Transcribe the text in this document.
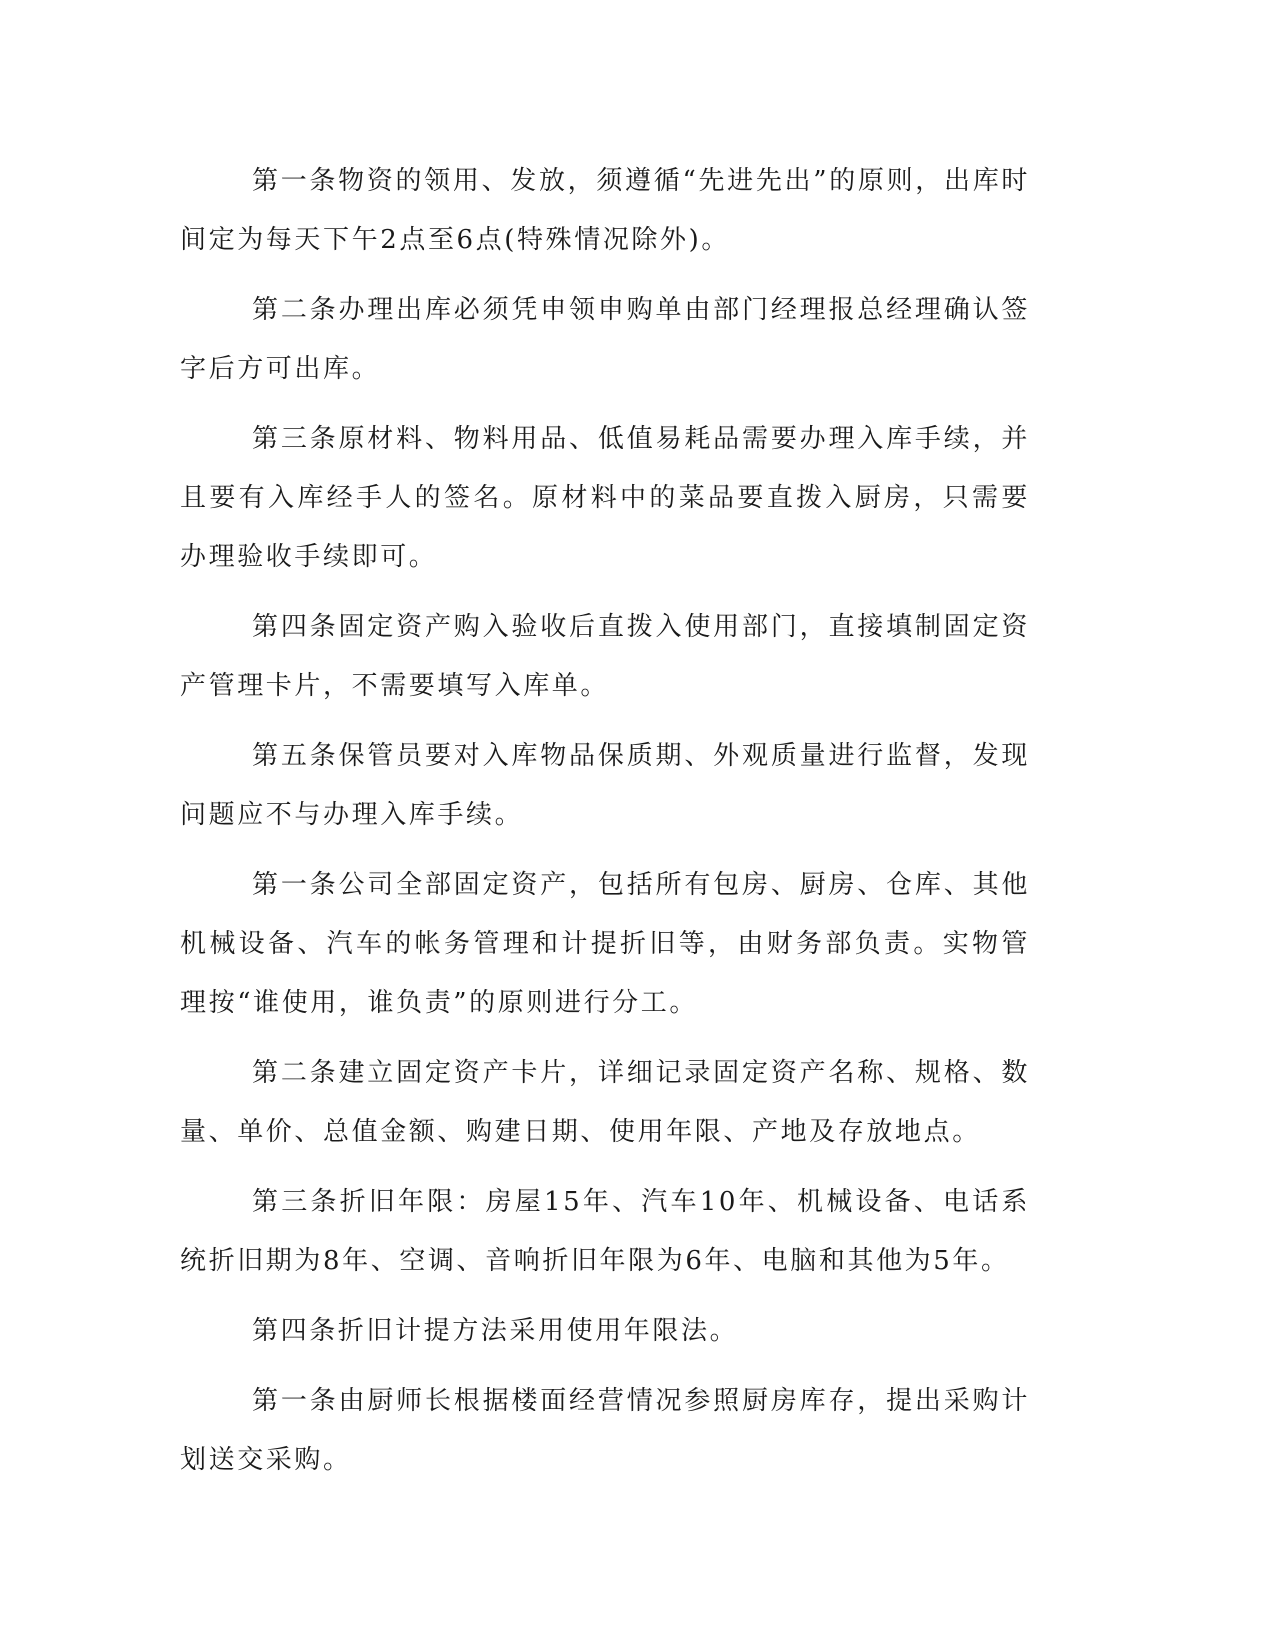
第一条物资的领用、发放，须遵循“先进先出”的原则，出库时间定为每天下午2点至6点(特殊情况除外)。

第二条办理出库必须凭申领申购单由部门经理报总经理确认签字后方可出库。

第三条原材料、物料用品、低值易耗品需要办理入库手续，并且要有入库经手人的签名。原材料中的菜品要直拨入厨房，只需要办理验收手续即可。

第四条固定资产购入验收后直拨入使用部门，直接填制固定资产管理卡片，不需要填写入库单。

第五条保管员要对入库物品保质期、外观质量进行监督，发现问题应不与办理入库手续。

第一条公司全部固定资产，包括所有包房、厨房、仓库、其他机械设备、汽车的帐务管理和计提折旧等，由财务部负责。实物管理按“谁使用，谁负责”的原则进行分工。

第二条建立固定资产卡片，详细记录固定资产名称、规格、数量、单价、总值金额、购建日期、使用年限、产地及存放地点。

第三条折旧年限：房屋15年、汽车10年、机械设备、电话系统折旧期为8年、空调、音响折旧年限为6年、电脑和其他为5年。

第四条折旧计提方法采用使用年限法。

第一条由厨师长根据楼面经营情况参照厨房库存，提出采购计划送交采购。
